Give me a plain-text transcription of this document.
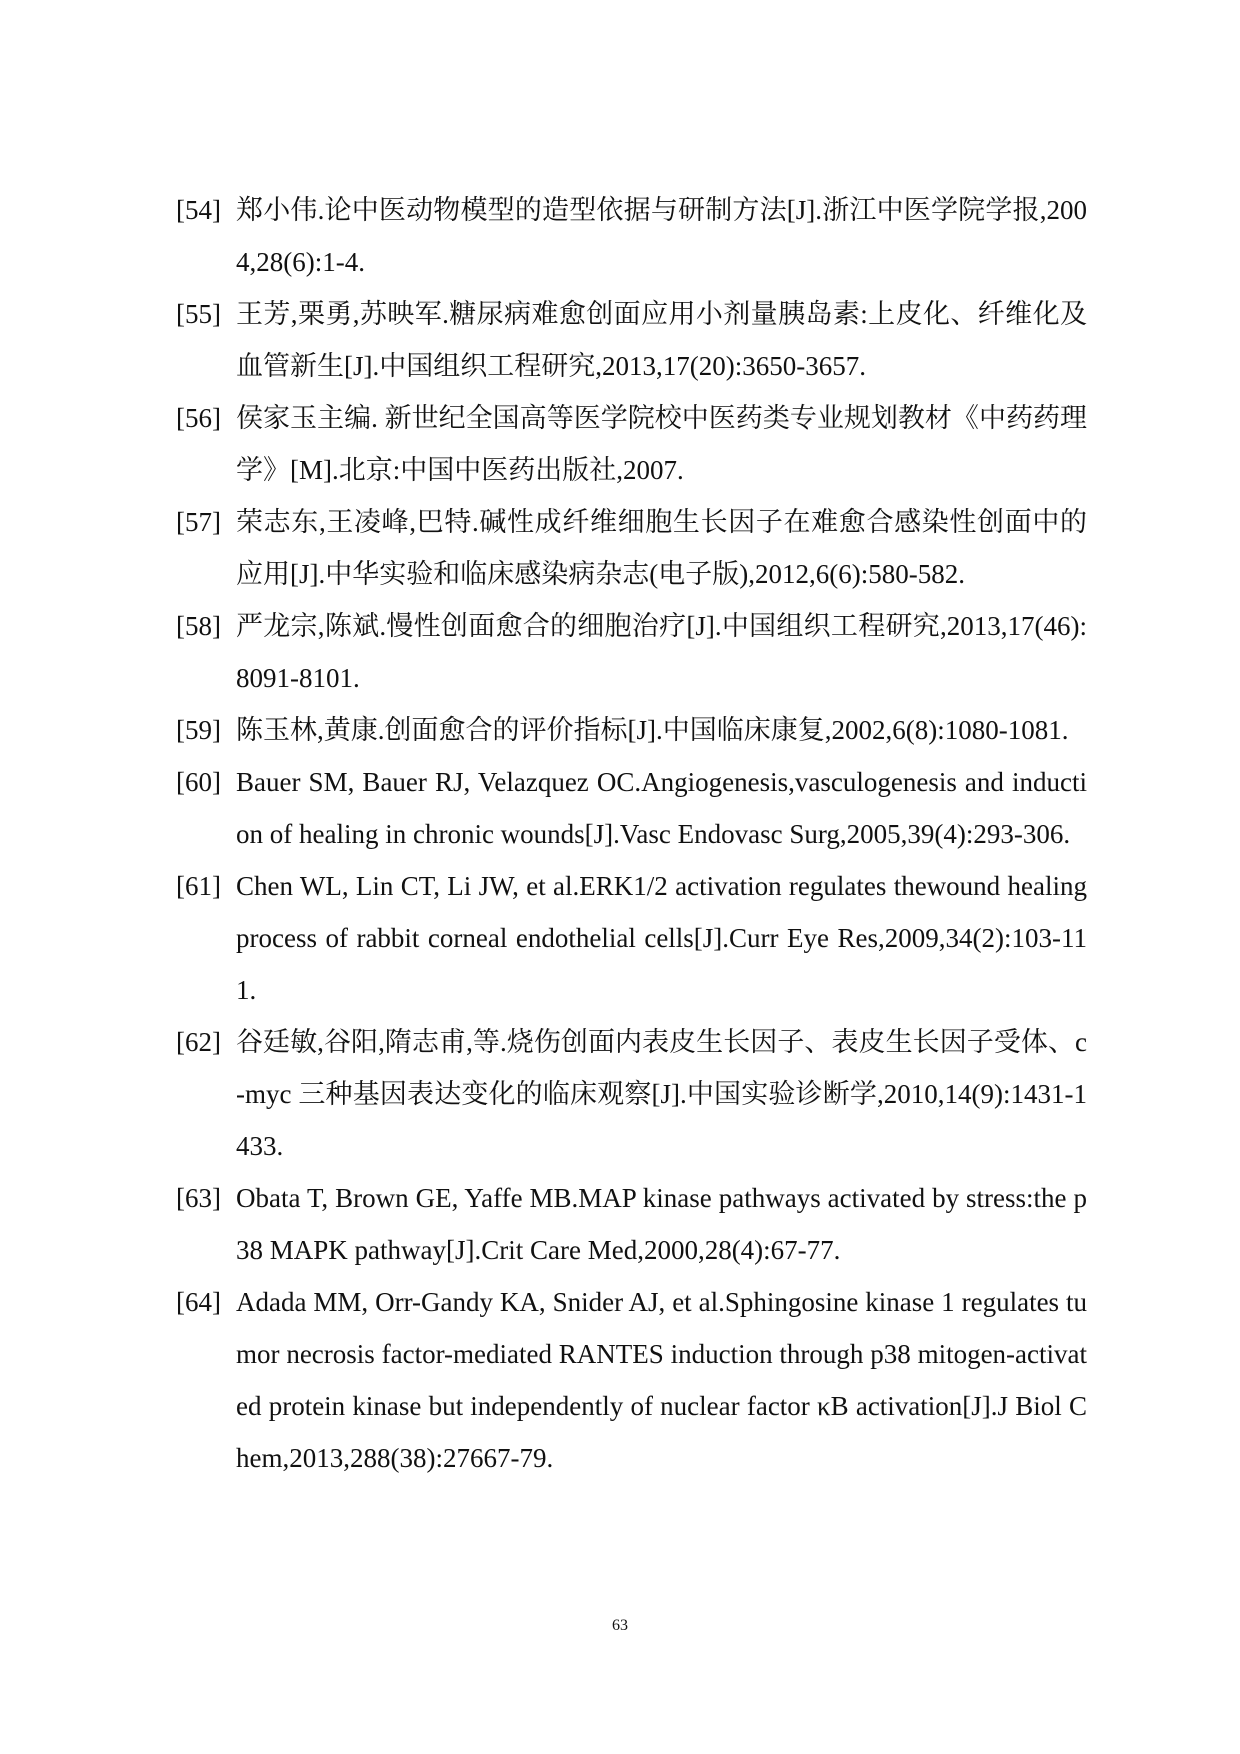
[54] 郑小伟.论中医动物模型的造型依据与研制方法[J].浙江中医学院学报,2004,28(6):1-4.
[55] 王芳,栗勇,苏映军.糖尿病难愈创面应用小剂量胰岛素:上皮化、纤维化及血管新生[J].中国组织工程研究,2013,17(20):3650-3657.
[56] 侯家玉主编. 新世纪全国高等医学院校中医药类专业规划教材《中药药理学》[M].北京:中国中医药出版社,2007.
[57] 荣志东,王凌峰,巴特.碱性成纤维细胞生长因子在难愈合感染性创面中的应用[J].中华实验和临床感染病杂志(电子版),2012,6(6):580-582.
[58] 严龙宗,陈斌.慢性创面愈合的细胞治疗[J].中国组织工程研究,2013,17(46):8091-8101.
[59] 陈玉林,黄康.创面愈合的评价指标[J].中国临床康复,2002,6(8):1080-1081.
[60] Bauer SM, Bauer RJ, Velazquez OC.Angiogenesis,vasculogenesis and induction of healing in chronic wounds[J].Vasc Endovasc Surg,2005,39(4):293-306.
[61] Chen WL, Lin CT, Li JW, et al.ERK1/2 activation regulates thewound healing process of rabbit corneal endothelial cells[J].Curr Eye Res,2009,34(2):103-111.
[62] 谷廷敏,谷阳,隋志甫,等.烧伤创面内表皮生长因子、表皮生长因子受体、c-myc 三种基因表达变化的临床观察[J].中国实验诊断学,2010,14(9):1431-1433.
[63] Obata T, Brown GE, Yaffe MB.MAP kinase pathways activated by stress:the p38 MAPK pathway[J].Crit Care Med,2000,28(4):67-77.
[64] Adada MM, Orr-Gandy KA, Snider AJ, et al.Sphingosine kinase 1 regulates tumor necrosis factor-mediated RANTES induction through p38 mitogen-activated protein kinase but independently of nuclear factor κB activation[J].J Biol Chem,2013,288(38):27667-79.
63
